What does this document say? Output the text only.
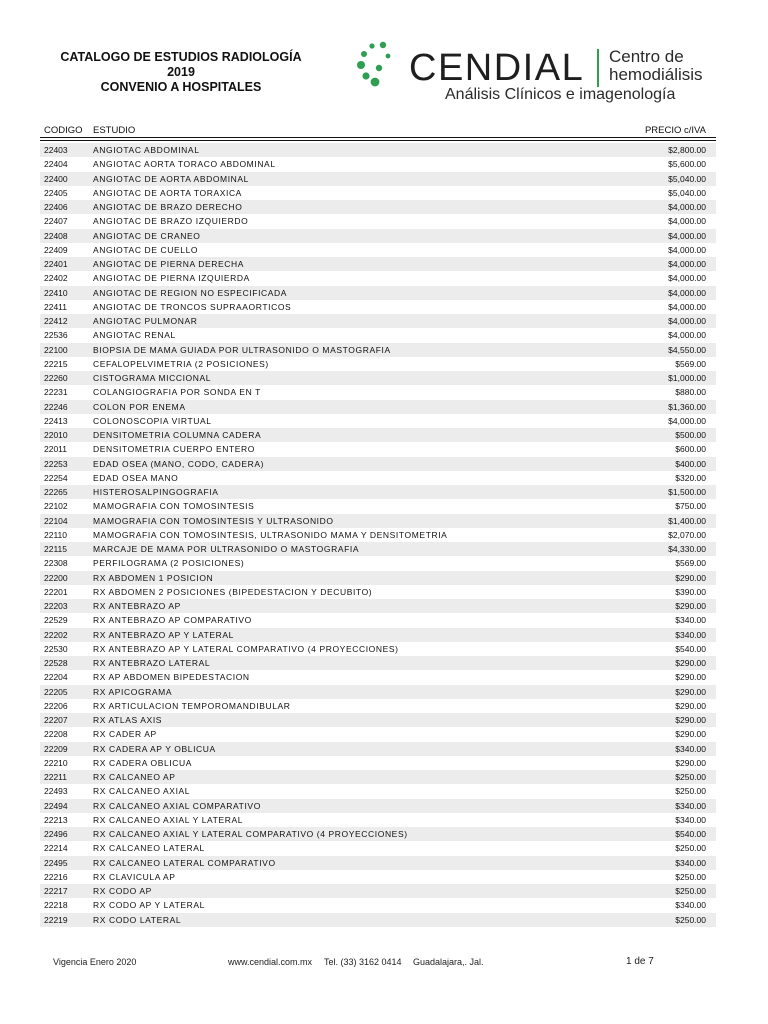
CATALOGO DE ESTUDIOS RADIOLOGÍA
2019
CONVENIO A HOSPITALES	CENDIAL Centro de
hemodiálisis
Análisis Clínicos e imagenología
CODIGO ESTUDIO	PRECIO c/IVA
22403	ANGIOTAC ABDOMINAL	$2,800.00
22404	ANGIOTAC AORTA TORACO ABDOMINAL	$5,600.00
22400	ANGIOTAC DE AORTA ABDOMINAL	$5,040.00
22405	ANGIOTAC DE AORTA TORAXICA	$5,040.00
22406	ANGIOTAC DE BRAZO DERECHO	$4,000.00
22407	ANGIOTAC DE BRAZO IZQUIERDO	$4,000.00
22408	ANGIOTAC DE CRANEO	$4,000.00
22409	ANGIOTAC DE CUELLO	$4,000.00
22401	ANGIOTAC DE PIERNA DERECHA	$4,000.00
22402	ANGIOTAC DE PIERNA IZQUIERDA	$4,000.00
22410	ANGIOTAC DE REGION NO ESPECIFICADA	$4,000.00
22411	ANGIOTAC DE TRONCOS SUPRAAORTICOS	$4,000.00
22412	ANGIOTAC PULMONAR	$4,000.00
22536	ANGIOTAC RENAL	$4,000.00
22100	BIOPSIA DE MAMA GUIADA POR ULTRASONIDO O MASTOGRAFIA	$4,550.00
22215	CEFALOPELVIMETRIA (2 POSICIONES)	$569.00
22260	CISTOGRAMA MICCIONAL	$1,000.00
22231	COLANGIOGRAFIA POR SONDA EN T	$880.00
22246	COLON POR ENEMA	$1,360.00
22413	COLONOSCOPIA VIRTUAL	$4,000.00
22010	DENSITOMETRIA COLUMNA CADERA	$500.00
22011	DENSITOMETRIA CUERPO ENTERO	$600.00
22253	EDAD OSEA (MANO, CODO, CADERA)	$400.00
22254	EDAD OSEA MANO	$320.00
22265	HISTEROSALPINGOGRAFIA	$1,500.00
22102	MAMOGRAFIA CON TOMOSINTESIS	$750.00
22104	MAMOGRAFIA CON TOMOSINTESIS Y ULTRASONIDO	$1,400.00
22110	MAMOGRAFIA CON TOMOSINTESIS, ULTRASONIDO MAMA Y DENSITOMETRIA	$2,070.00
22115	MARCAJE DE MAMA POR ULTRASONIDO O MASTOGRAFIA	$4,330.00
22308	PERFILOGRAMA (2 POSICIONES)	$569.00
22200	RX ABDOMEN 1 POSICION	$290.00
22201	RX ABDOMEN 2 POSICIONES (BIPEDESTACION Y DECUBITO)	$390.00
22203	RX ANTEBRAZO AP	$290.00
22529	RX ANTEBRAZO AP COMPARATIVO	$340.00
22202	RX ANTEBRAZO AP Y LATERAL	$340.00
22530	RX ANTEBRAZO AP Y LATERAL COMPARATIVO (4 PROYECCIONES)	$540.00
22528	RX ANTEBRAZO LATERAL	$290.00
22204	RX AP ABDOMEN BIPEDESTACION	$290.00
22205	RX APICOGRAMA	$290.00
22206	RX ARTICULACION TEMPOROMANDIBULAR	$290.00
22207	RX ATLAS AXIS	$290.00
22208	RX CADER AP	$290.00
22209	RX CADERA AP Y OBLICUA	$340.00
22210	RX CADERA OBLICUA	$290.00
22211	RX CALCANEO AP	$250.00
22493	RX CALCANEO AXIAL	$250.00
22494	RX CALCANEO AXIAL COMPARATIVO	$340.00
22213	RX CALCANEO AXIAL Y LATERAL	$340.00
22496	RX CALCANEO AXIAL Y LATERAL COMPARATIVO (4 PROYECCIONES)	$540.00
22214	RX CALCANEO LATERAL	$250.00
22495	RX CALCANEO LATERAL COMPARATIVO	$340.00
22216	RX CLAVICULA AP	$250.00
22217	RX CODO AP	$250.00
22218	RX CODO AP Y LATERAL	$340.00
22219	RX CODO LATERAL	$250.00
Vigencia Enero 2020	www.cendial.com.mx Tel. (33) 3162 0414 Guadalajara,. Jal.	1 de 7
